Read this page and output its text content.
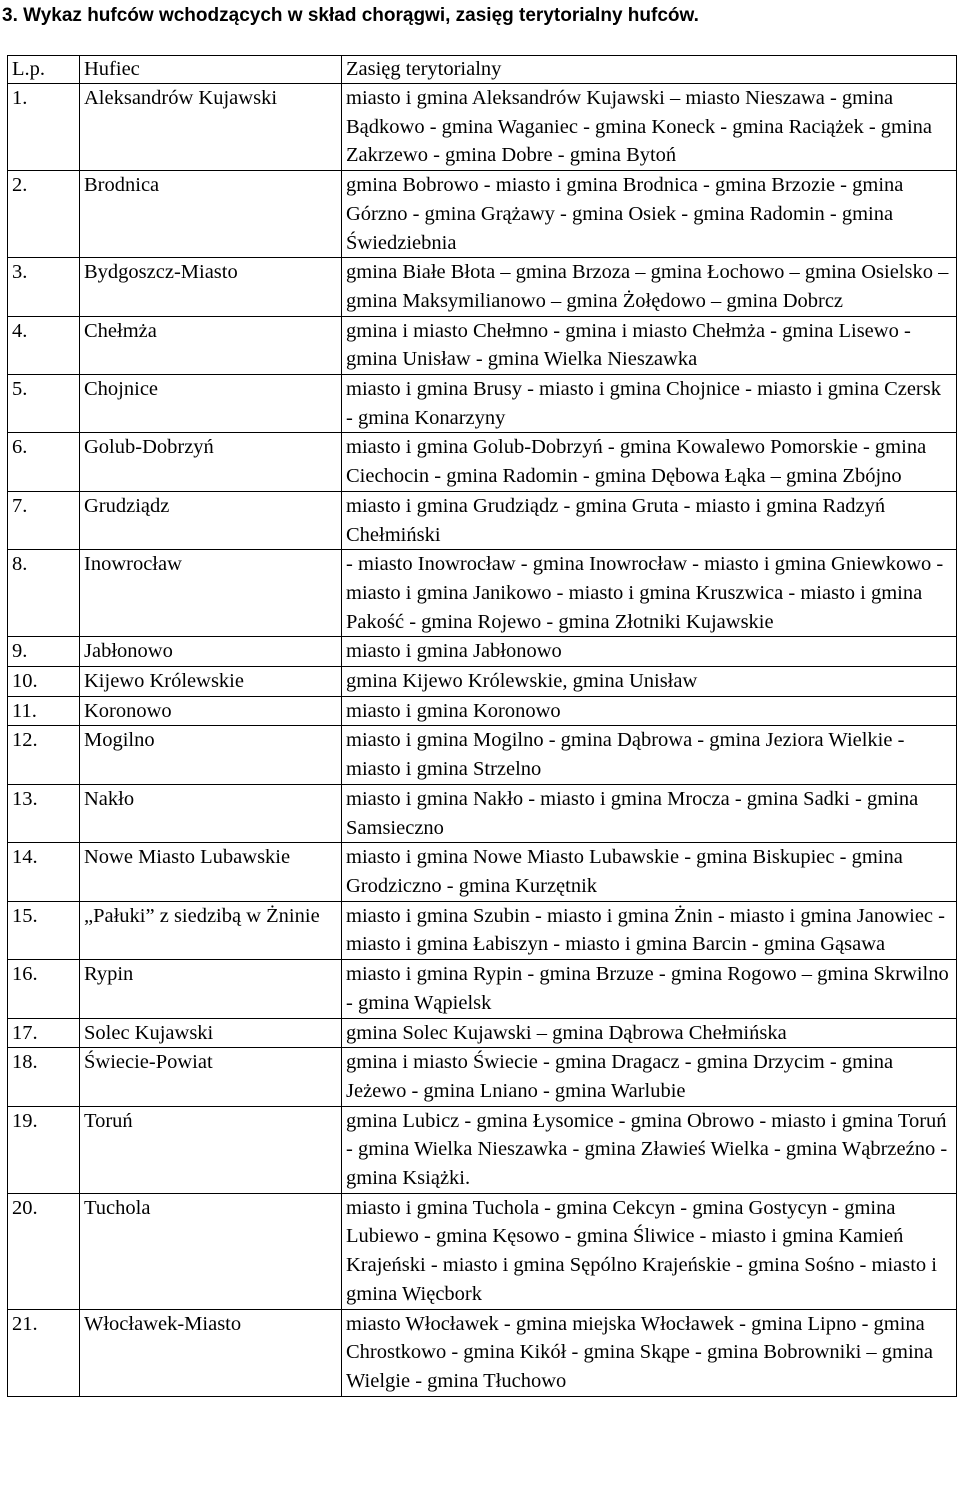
3. Wykaz hufców wchodzących w skład chorągwi, zasięg terytorialny hufców.
L.p.	Hufiec	Zasięg terytorialny
1.	Aleksandrów Kujawski	miasto i gmina Aleksandrów Kujawski – miasto Nieszawa - gmina Bądkowo - gmina Waganiec - gmina Koneck - gmina Raciążek - gmina Zakrzewo - gmina Dobre - gmina Bytoń
2.	Brodnica	gmina Bobrowo - miasto i gmina Brodnica - gmina Brzozie - gmina Górzno - gmina Grążawy - gmina Osiek - gmina Radomin - gmina Świedziebnia
3.	Bydgoszcz-Miasto	gmina Białe Błota – gmina Brzoza – gmina Łochowo – gmina Osielsko – gmina Maksymilianowo – gmina Żołędowo – gmina Dobrcz
4.	Chełmża	gmina i miasto Chełmno - gmina i miasto Chełmża - gmina Lisewo - gmina Unisław - gmina Wielka Nieszawka
5.	Chojnice	miasto i gmina Brusy - miasto i gmina Chojnice - miasto i gmina Czersk - gmina Konarzyny
6.	Golub-Dobrzyń	miasto i gmina Golub-Dobrzyń - gmina Kowalewo Pomorskie - gmina Ciechocin - gmina Radomin - gmina Dębowa Łąka – gmina Zbójno
7.	Grudziądz	miasto i gmina Grudziądz - gmina Gruta - miasto i gmina Radzyń Chełmiński
8.	Inowrocław	- miasto Inowrocław - gmina Inowrocław - miasto i gmina Gniewkowo - miasto i gmina Janikowo - miasto i gmina Kruszwica - miasto i gmina Pakość - gmina Rojewo - gmina Złotniki Kujawskie
9.	Jabłonowo	miasto i gmina Jabłonowo
10.	Kijewo Królewskie	gmina Kijewo Królewskie, gmina Unisław
11.	Koronowo	miasto i gmina Koronowo
12.	Mogilno	miasto i gmina Mogilno - gmina Dąbrowa - gmina Jeziora Wielkie - miasto i gmina Strzelno
13.	Nakło	miasto i gmina Nakło - miasto i gmina Mrocza - gmina Sadki - gmina Samsieczno
14.	Nowe Miasto Lubawskie	miasto i gmina Nowe Miasto Lubawskie - gmina Biskupiec - gmina Grodziczno - gmina Kurzętnik
15.	„Pałuki” z siedzibą w Żninie	miasto i gmina Szubin - miasto i gmina Żnin - miasto i gmina Janowiec - miasto i gmina Łabiszyn - miasto i gmina Barcin - gmina Gąsawa
16.	Rypin	miasto i gmina Rypin - gmina Brzuze - gmina Rogowo – gmina Skrwilno - gmina Wąpielsk
17.	Solec Kujawski	gmina Solec Kujawski – gmina Dąbrowa Chełmińska
18.	Świecie-Powiat	gmina i miasto Świecie - gmina Dragacz - gmina Drzycim - gmina Jeżewo - gmina Lniano - gmina Warlubie
19.	Toruń	gmina Lubicz - gmina Łysomice - gmina Obrowo - miasto i gmina Toruń - gmina Wielka Nieszawka - gmina Zławieś Wielka - gmina Wąbrzeźno - gmina Książki.
20.	Tuchola	miasto i gmina Tuchola - gmina Cekcyn - gmina Gostycyn - gmina Lubiewo - gmina Kęsowo - gmina Śliwice - miasto i gmina Kamień Krajeński - miasto i gmina Sępólno Krajeńskie - gmina Sośno - miasto i gmina Więcbork
21.	Włocławek-Miasto	miasto Włocławek - gmina miejska Włocławek - gmina Lipno - gmina Chrostkowo - gmina Kikół - gmina Skąpe - gmina Bobrowniki – gmina Wielgie - gmina Tłuchowo
